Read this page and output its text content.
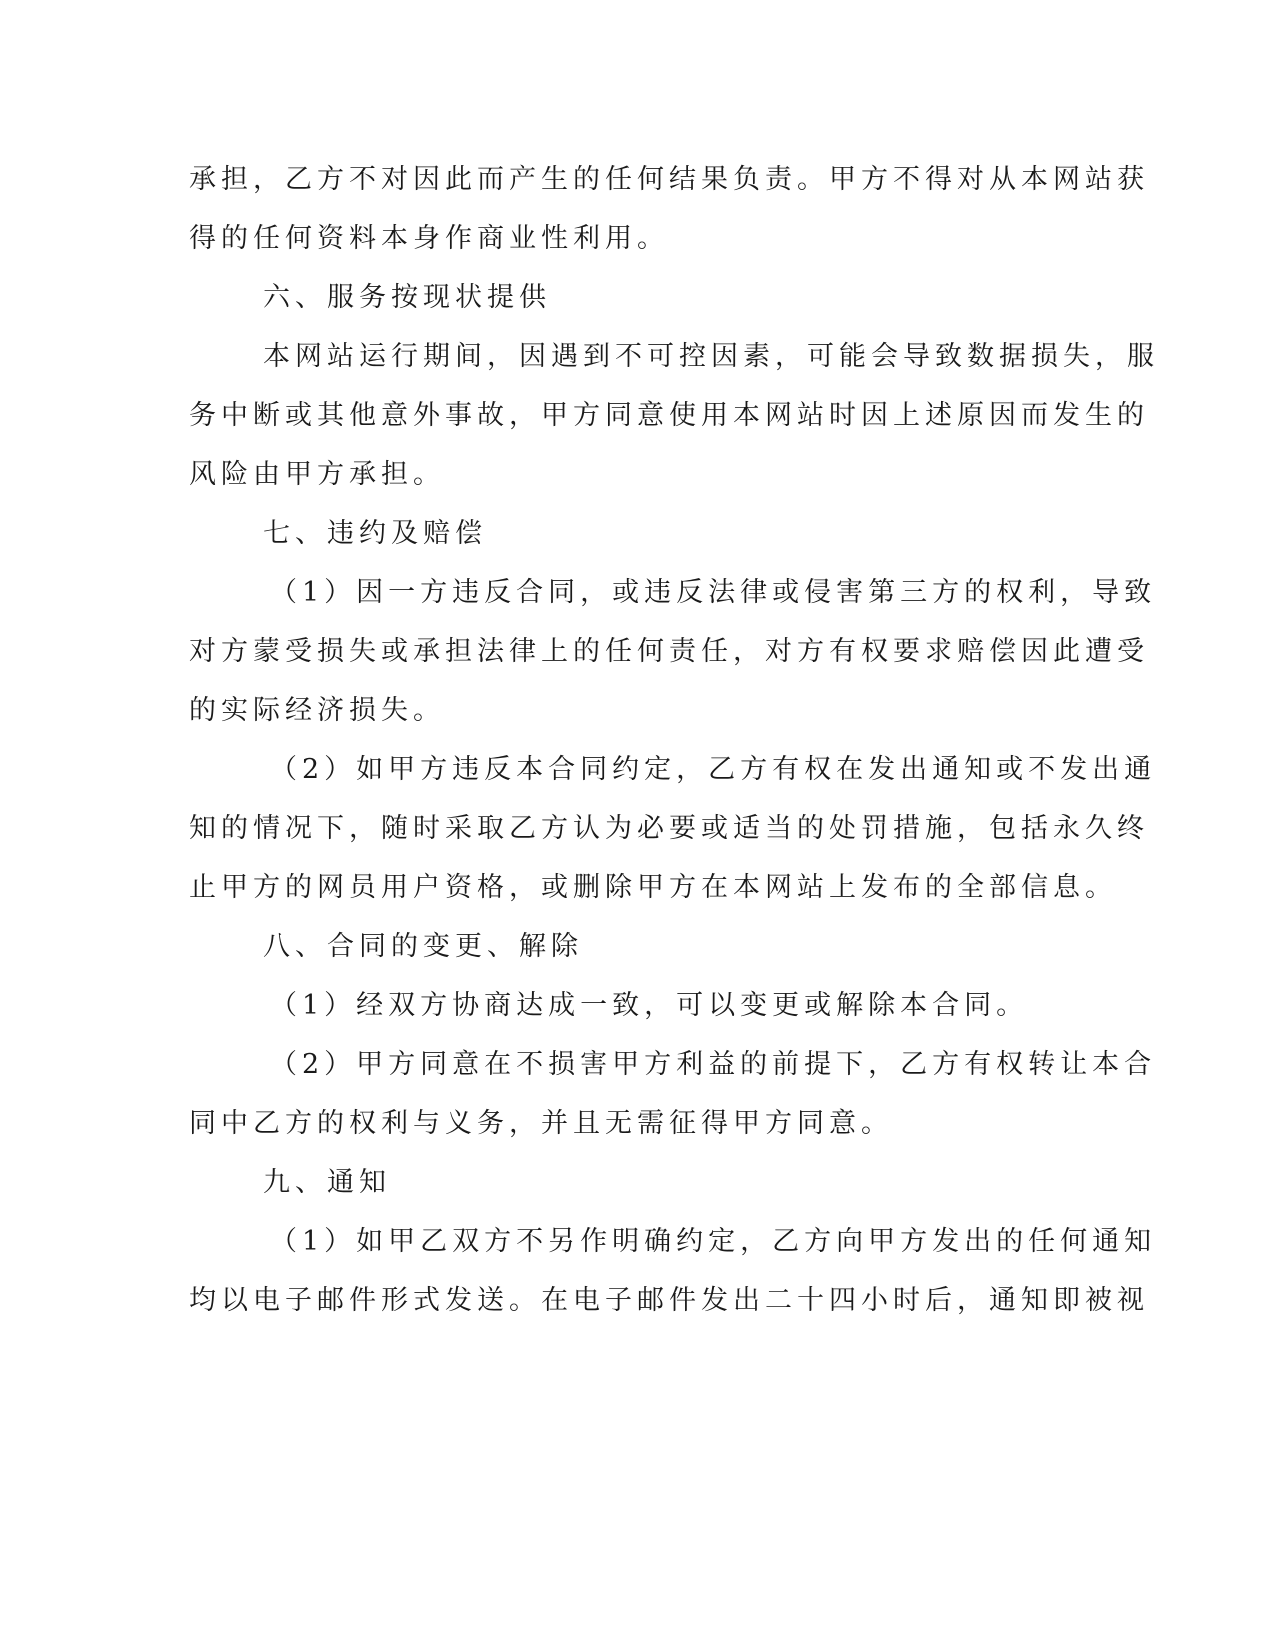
承担，乙方不对因此而产生的任何结果负责。甲方不得对从本网站获
得的任何资料本身作商业性利用。
六、服务按现状提供
本网站运行期间，因遇到不可控因素，可能会导致数据损失，服
务中断或其他意外事故，甲方同意使用本网站时因上述原因而发生的
风险由甲方承担。
七、违约及赔偿
（1）因一方违反合同，或违反法律或侵害第三方的权利，导致
对方蒙受损失或承担法律上的任何责任，对方有权要求赔偿因此遭受
的实际经济损失。
（2）如甲方违反本合同约定，乙方有权在发出通知或不发出通
知的情况下，随时采取乙方认为必要或适当的处罚措施，包括永久终
止甲方的网员用户资格，或删除甲方在本网站上发布的全部信息。
八、合同的变更、解除
（1）经双方协商达成一致，可以变更或解除本合同。
（2）甲方同意在不损害甲方利益的前提下，乙方有权转让本合
同中乙方的权利与义务，并且无需征得甲方同意。
九、通知
（1）如甲乙双方不另作明确约定，乙方向甲方发出的任何通知
均以电子邮件形式发送。在电子邮件发出二十四小时后，通知即被视
